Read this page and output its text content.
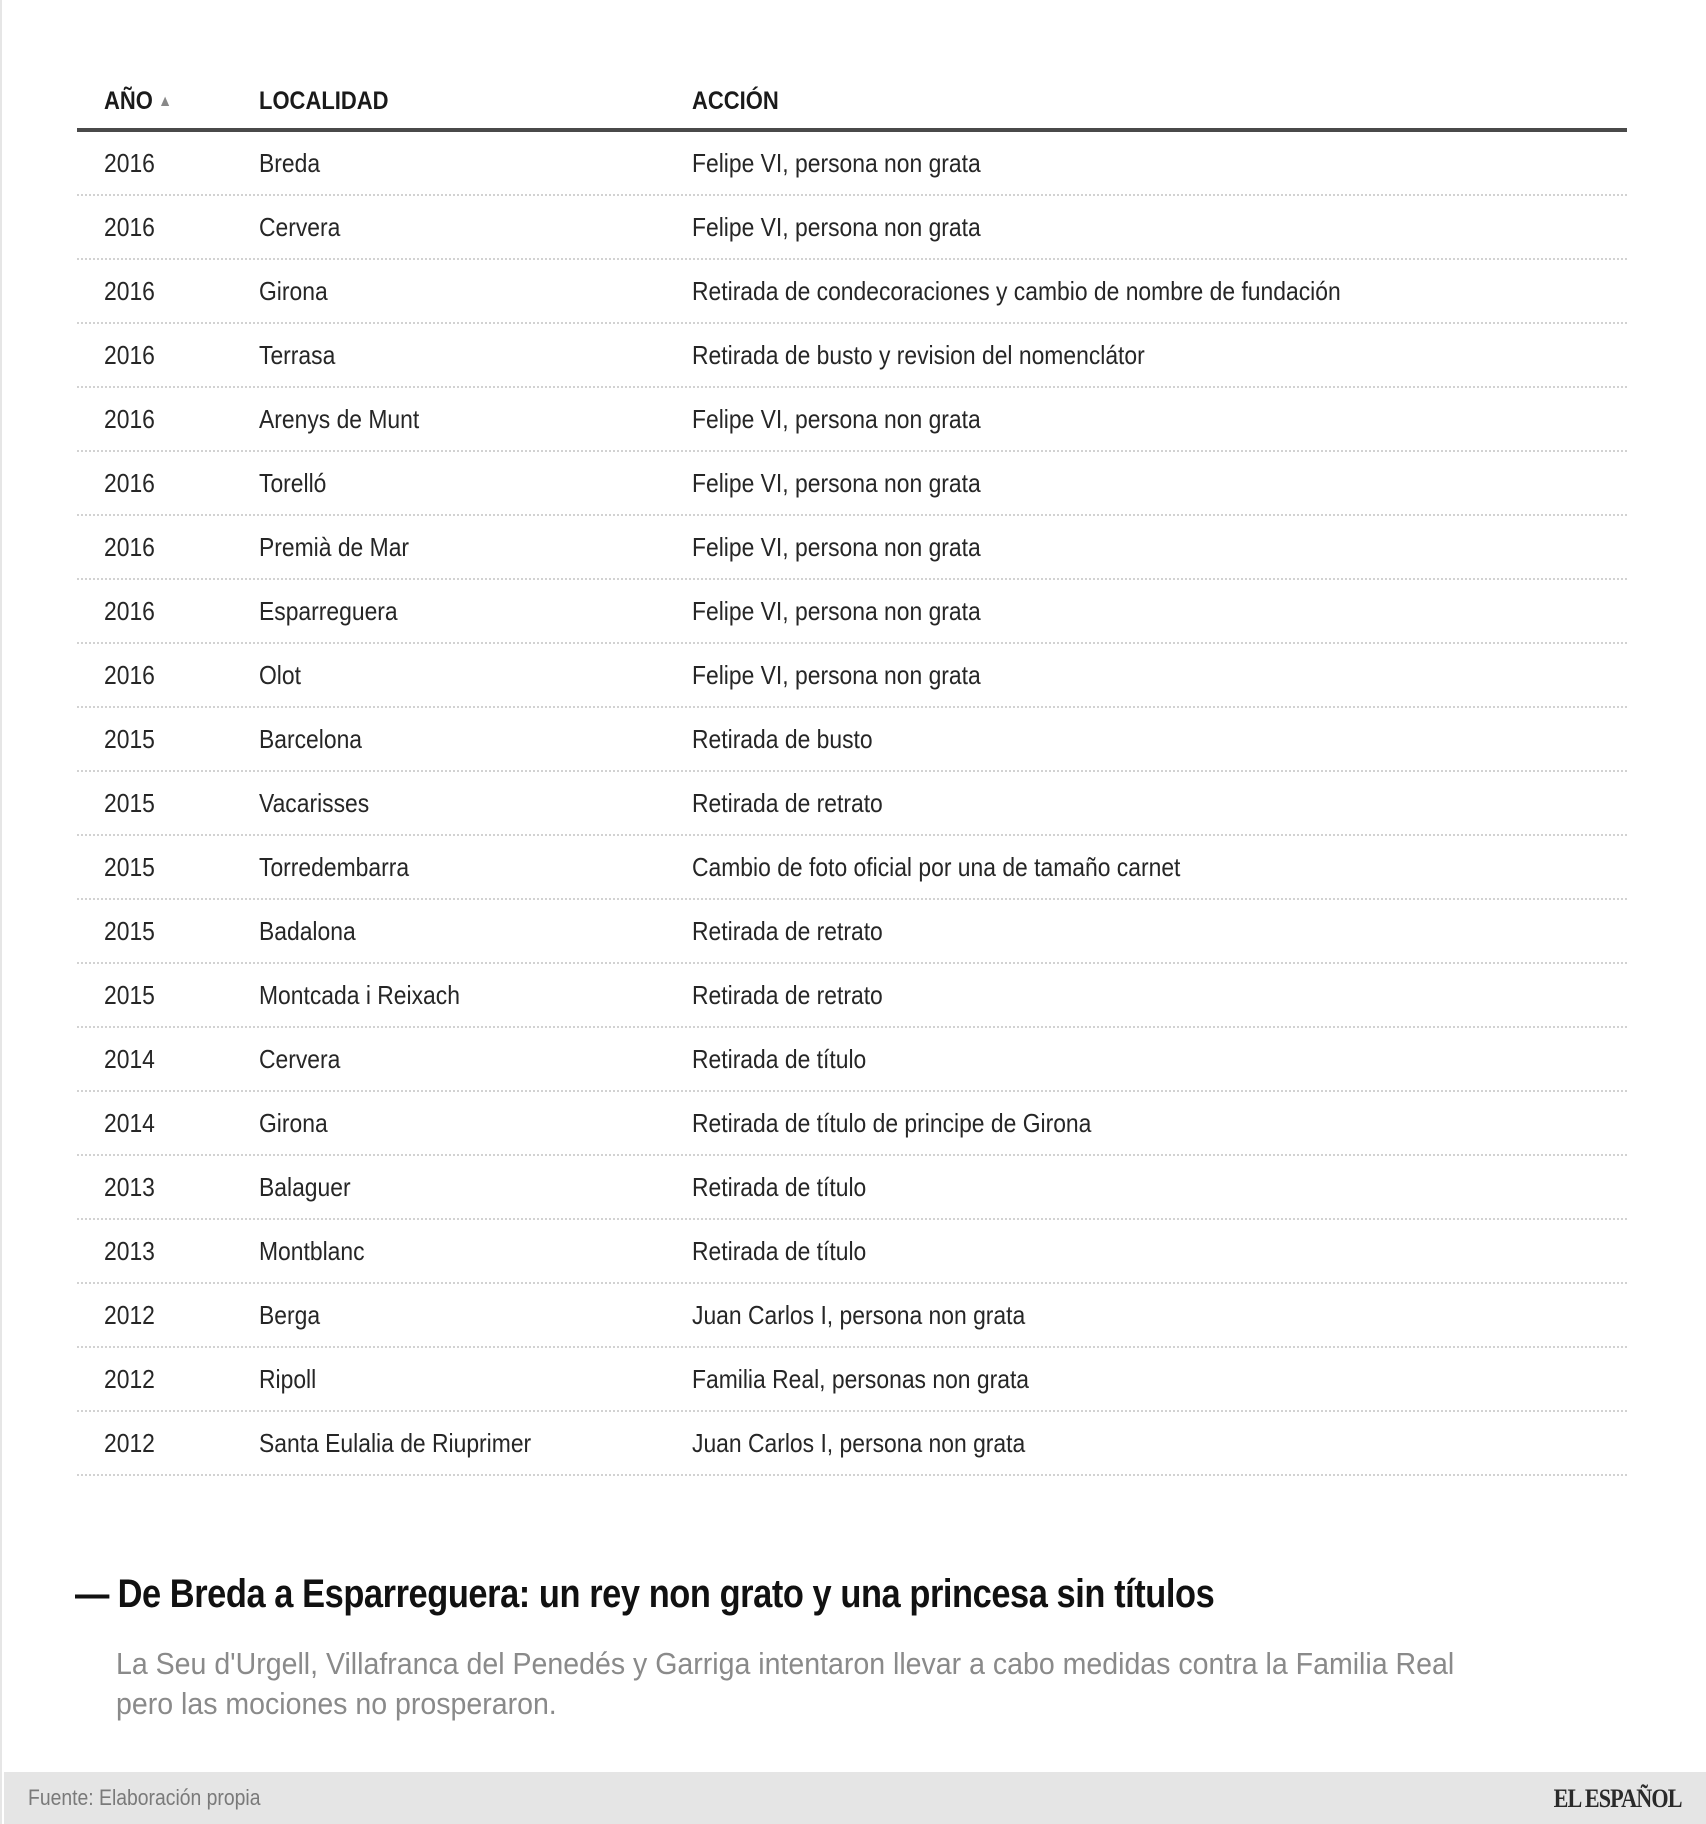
AÑO ▲	LOCALIDAD	ACCIÓN
2016	Breda	Felipe VI, persona non grata
2016	Cervera	Felipe VI, persona non grata
2016	Girona	Retirada de condecoraciones y cambio de nombre de fundación
2016	Terrasa	Retirada de busto y revision del nomenclátor
2016	Arenys de Munt	Felipe VI, persona non grata
2016	Torelló	Felipe VI, persona non grata
2016	Premià de Mar	Felipe VI, persona non grata
2016	Esparreguera	Felipe VI, persona non grata
2016	Olot	Felipe VI, persona non grata
2015	Barcelona	Retirada de busto
2015	Vacarisses	Retirada de retrato
2015	Torredembarra	Cambio de foto oficial por una de tamaño carnet
2015	Badalona	Retirada de retrato
2015	Montcada i Reixach	Retirada de retrato
2014	Cervera	Retirada de título
2014	Girona	Retirada de título de principe de Girona
2013	Balaguer	Retirada de título
2013	Montblanc	Retirada de título
2012	Berga	Juan Carlos I, persona non grata
2012	Ripoll	Familia Real, personas non grata
2012	Santa Eulalia de Riuprimer	Juan Carlos I, persona non grata
— De Breda a Esparreguera: un rey non grato y una princesa sin títulos
La Seu d'Urgell, Villafranca del Penedés y Garriga intentaron llevar a cabo medidas contra la Familia Real pero las mociones no prosperaron.
Fuente: Elaboración propia	EL ESPAÑOL
